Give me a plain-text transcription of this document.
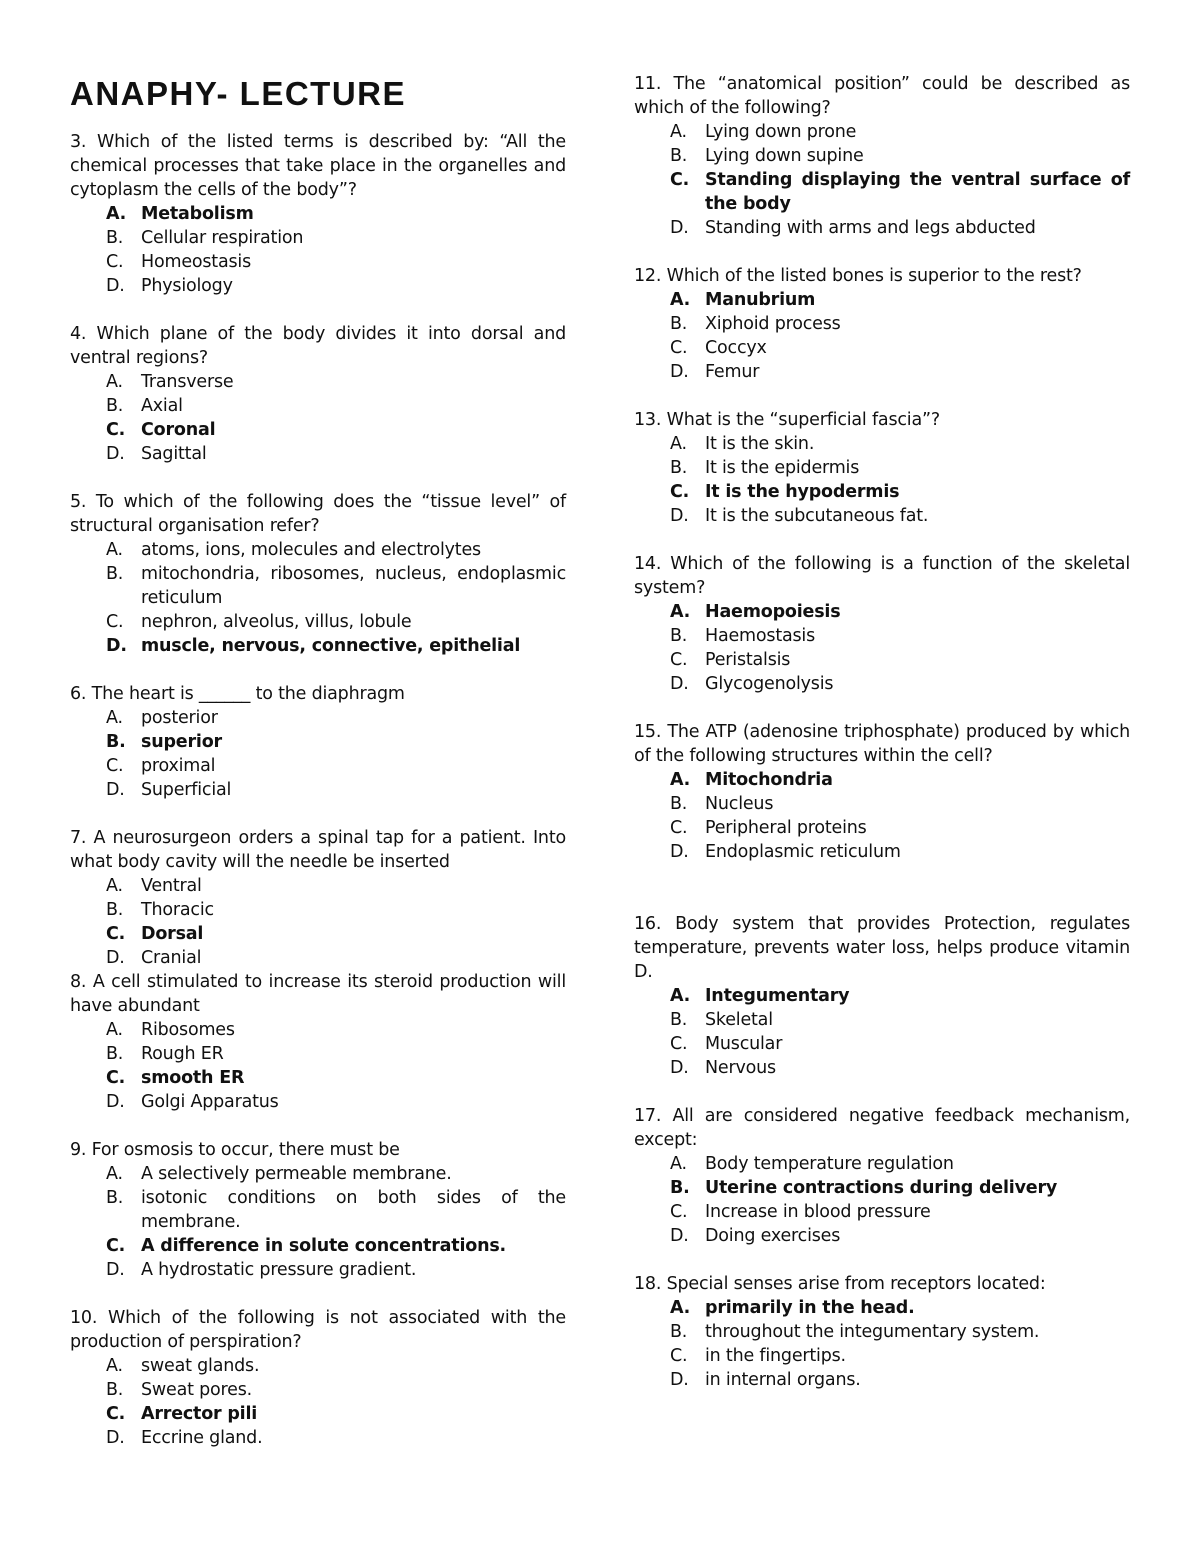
ANAPHY- LECTURE
3. Which of the listed terms is described by: “All the chemical processes that take place in the organelles and cytoplasm the cells of the body”?
A. Metabolism
B. Cellular respiration
C. Homeostasis
D. Physiology
4. Which plane of the body divides it into dorsal and ventral regions?
A. Transverse
B. Axial
C. Coronal
D. Sagittal
5. To which of the following does the “tissue level” of structural organisation refer?
A. atoms, ions, molecules and electrolytes
B. mitochondria, ribosomes, nucleus, endoplasmic reticulum
C. nephron, alveolus, villus, lobule
D. muscle, nervous, connective, epithelial
6. The heart is ______ to the diaphragm
A. posterior
B. superior
C. proximal
D. Superficial
7. A neurosurgeon orders a spinal tap for a patient. Into what body cavity will the needle be inserted
A. Ventral
B. Thoracic
C. Dorsal
D. Cranial
8. A cell stimulated to increase its steroid production will have abundant
A. Ribosomes
B. Rough ER
C. smooth ER
D. Golgi Apparatus
9. For osmosis to occur, there must be
A. A selectively permeable membrane.
B. isotonic conditions on both sides of the membrane.
C. A difference in solute concentrations.
D. A hydrostatic pressure gradient.
10. Which of the following is not associated with the production of perspiration?
A. sweat glands.
B. Sweat pores.
C. Arrector pili
D. Eccrine gland.
11. The “anatomical position” could be described as which of the following?
A. Lying down prone
B. Lying down supine
C. Standing displaying the ventral surface of the body
D. Standing with arms and legs abducted
12. Which of the listed bones is superior to the rest?
A. Manubrium
B. Xiphoid process
C. Coccyx
D. Femur
13. What is the “superficial fascia”?
A. It is the skin.
B. It is the epidermis
C. It is the hypodermis
D. It is the subcutaneous fat.
14. Which of the following is a function of the skeletal system?
A. Haemopoiesis
B. Haemostasis
C. Peristalsis
D. Glycogenolysis
15. The ATP (adenosine triphosphate) produced by which of the following structures within the cell?
A. Mitochondria
B. Nucleus
C. Peripheral proteins
D. Endoplasmic reticulum
16. Body system that provides Protection, regulates temperature, prevents water loss, helps produce vitamin D.
A. Integumentary
B. Skeletal
C. Muscular
D. Nervous
17. All are considered negative feedback mechanism, except:
A. Body temperature regulation
B. Uterine contractions during delivery
C. Increase in blood pressure
D. Doing exercises
18. Special senses arise from receptors located:
A. primarily in the head.
B. throughout the integumentary system.
C. in the fingertips.
D. in internal organs.
